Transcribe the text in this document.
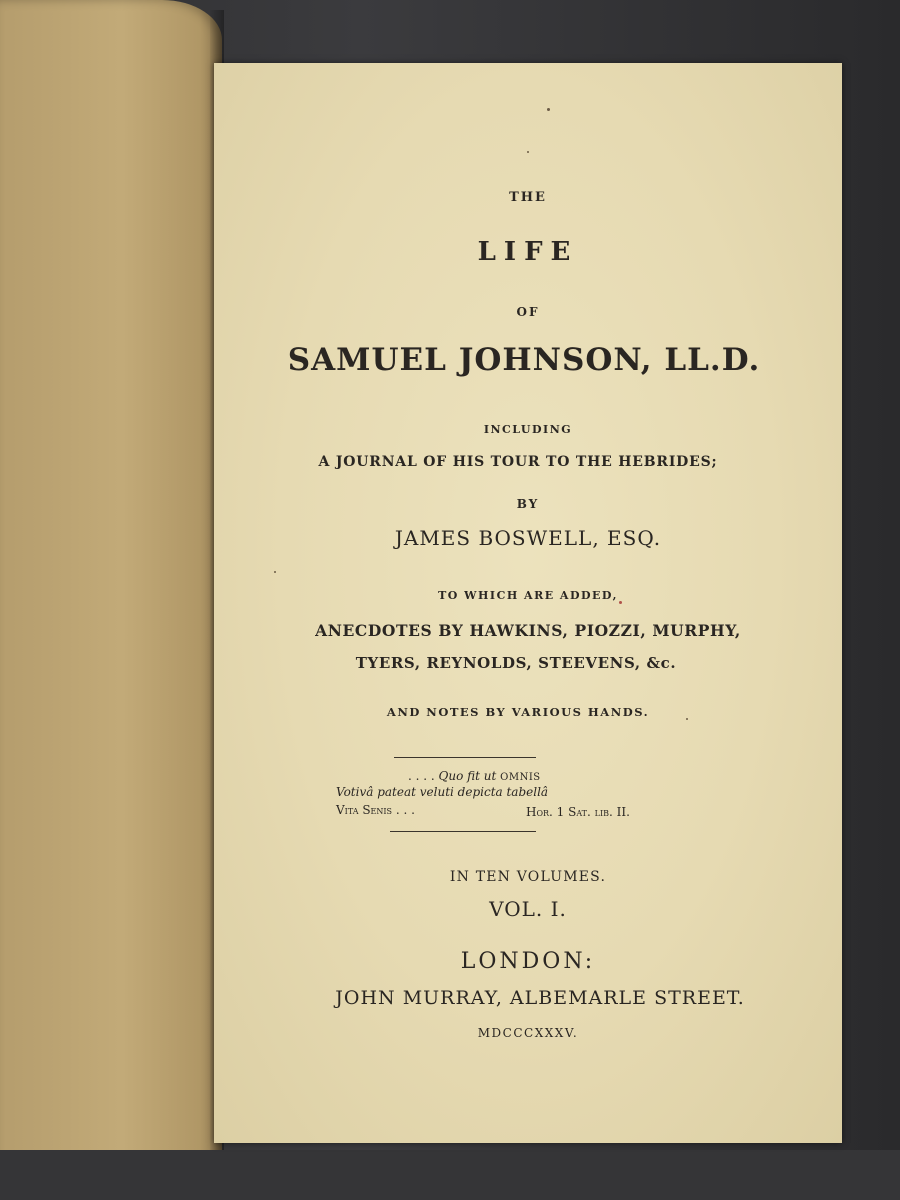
THE
LIFE
OF
SAMUEL JOHNSON, LL.D.
INCLUDING
A JOURNAL OF HIS TOUR TO THE HEBRIDES;
BY
JAMES BOSWELL, ESQ.
TO WHICH ARE ADDED,
ANECDOTES BY HAWKINS, PIOZZI, MURPHY,
TYERS, REYNOLDS, STEEVENS, &c.
AND NOTES BY VARIOUS HANDS.
. . . . Quo fit ut OMNIS
Votivâ pateat veluti depicta tabellâ
Vita Senis . . .	Hor. 1 Sat. lib. II.
IN TEN VOLUMES.
VOL. I.
LONDON:
JOHN MURRAY, ALBEMARLE STREET.
MDCCCXXXV.
